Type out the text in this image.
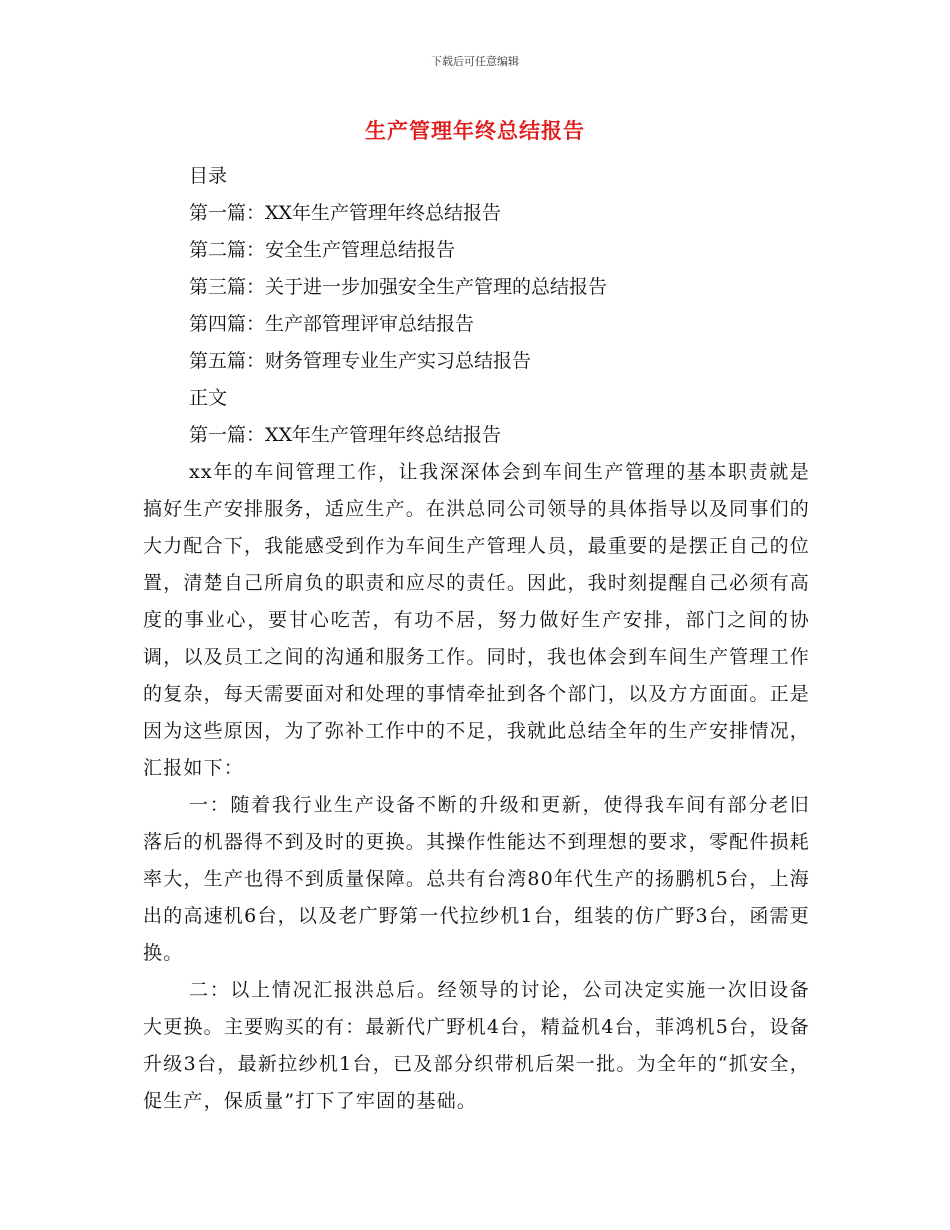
下载后可任意编辑
生产管理年终总结报告
目录
第一篇：XX年生产管理年终总结报告
第二篇：安全生产管理总结报告
第三篇：关于进一步加强安全生产管理的总结报告
第四篇：生产部管理评审总结报告
第五篇：财务管理专业生产实习总结报告
正文
第一篇：XX年生产管理年终总结报告

xx年的车间管理工作，让我深深体会到车间生产管理的基本职责就是搞好生产安排服务，适应生产。在洪总同公司领导的具体指导以及同事们的大力配合下，我能感受到作为车间生产管理人员，最重要的是摆正自己的位置，清楚自己所肩负的职责和应尽的责任。因此，我时刻提醒自己必须有高度的事业心，要甘心吃苦，有功不居，努力做好生产安排，部门之间的协调，以及员工之间的沟通和服务工作。同时，我也体会到车间生产管理工作的复杂，每天需要面对和处理的事情牵扯到各个部门，以及方方面面。正是因为这些原因，为了弥补工作中的不足，我就此总结全年的生产安排情况，汇报如下：

一：随着我行业生产设备不断的升级和更新，使得我车间有部分老旧落后的机器得不到及时的更换。其操作性能达不到理想的要求，零配件损耗率大，生产也得不到质量保障。总共有台湾80年代生产的扬鹏机5台，上海出的高速机6台，以及老广野第一代拉纱机1台，组装的仿广野3台，函需更换。

二：以上情况汇报洪总后。经领导的讨论，公司决定实施一次旧设备大更换。主要购买的有：最新代广野机4台，精益机4台，菲鸿机5台，设备升级3台，最新拉纱机1台，已及部分织带机后架一批。为全年的“抓安全，促生产，保质量”打下了牢固的基础。
